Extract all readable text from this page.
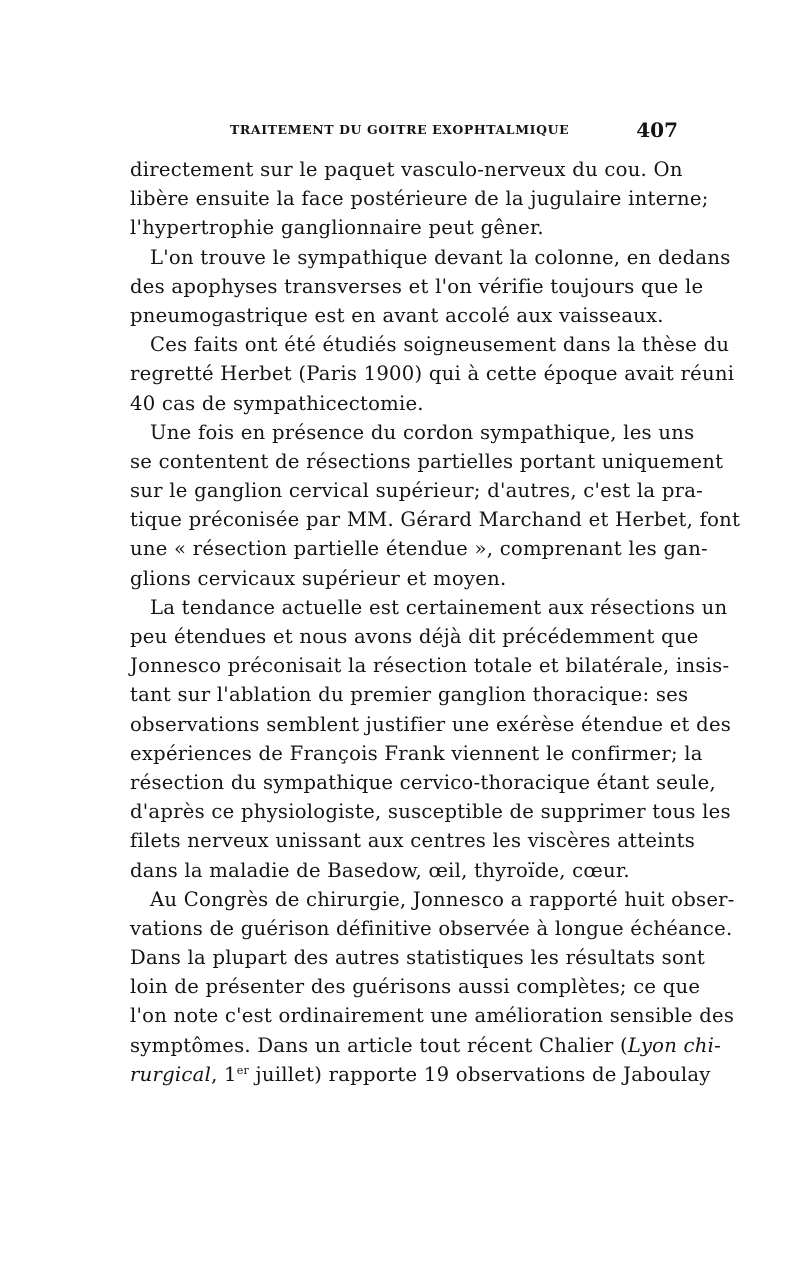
TRAITEMENT DU GOITRE EXOPHTALMIQUE	407
directement sur le paquet vasculo-nerveux du cou. On
libère ensuite la face postérieure de la jugulaire interne;
l'hypertrophie ganglionnaire peut gêner.
L'on trouve le sympathique devant la colonne, en dedans
des apophyses transverses et l'on vérifie toujours que le
pneumogastrique est en avant accolé aux vaisseaux.
Ces faits ont été étudiés soigneusement dans la thèse du
regretté Herbet (Paris 1900) qui à cette époque avait réuni
40 cas de sympathicectomie.
Une fois en présence du cordon sympathique, les uns
se contentent de résections partielles portant uniquement
sur le ganglion cervical supérieur; d'autres, c'est la pra-
tique préconisée par MM. Gérard Marchand et Herbet, font
une « résection partielle étendue », comprenant les gan-
glions cervicaux supérieur et moyen.
La tendance actuelle est certainement aux résections un
peu étendues et nous avons déjà dit précédemment que
Jonnesco préconisait la résection totale et bilatérale, insis-
tant sur l'ablation du premier ganglion thoracique: ses
observations semblent justifier une exérèse étendue et des
expériences de François Frank viennent le confirmer; la
résection du sympathique cervico-thoracique étant seule,
d'après ce physiologiste, susceptible de supprimer tous les
filets nerveux unissant aux centres les viscères atteints
dans la maladie de Basedow, œil, thyroïde, cœur.
Au Congrès de chirurgie, Jonnesco a rapporté huit obser-
vations de guérison définitive observée à longue échéance.
Dans la plupart des autres statistiques les résultats sont
loin de présenter des guérisons aussi complètes; ce que
l'on note c'est ordinairement une amélioration sensible des
symptômes. Dans un article tout récent Chalier (Lyon chi-
rurgical, 1er juillet) rapporte 19 observations de Jaboulay
